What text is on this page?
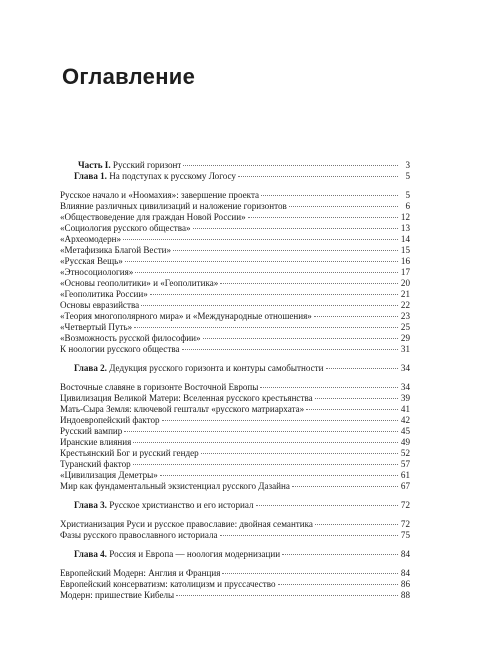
Оглавление
Часть I. Русский горизонт	3
Глава 1. На подступах к русскому Логосу	5
Русское начало и «Ноомахия»: завершение проекта	5
Влияние различных цивилизаций и наложение горизонтов	6
«Обществоведение для граждан Новой России»	12
«Социология русского общества»	13
«Археомодерн»	14
«Метафизика Благой Вести»	15
«Русская Вещь»	16
«Этносоциология»	17
«Основы геополитики» и «Геополитика»	20
«Геополитика России»	21
Основы евразийства	22
«Теория многополярного мира» и «Международные отношения»	23
«Четвертый Путь»	25
«Возможность русской философии»	29
К ноологии русского общества	31
Глава 2. Дедукция русского горизонта и контуры самобытности	34
Восточные славяне в горизонте Восточной Европы	34
Цивилизация Великой Матери: Вселенная русского крестьянства	39
Мать-Сыра Земля: ключевой гештальт «русского матриархата»	41
Индоевропейский фактор	42
Русский вампир	45
Иранские влияния	49
Крестьянский Бог и русский гендер	52
Туранский фактор	57
«Цивилизация Деметры»	61
Мир как фундаментальный экзистенциал русского Дазайна	67
Глава 3. Русское христианство и его историал	72
Христианизация Руси и русское православие: двойная семантика	72
Фазы русского православного историала	75
Глава 4. Россия и Европа — ноология модернизации	84
Европейский Модерн: Англия и Франция	84
Европейский консерватизм: католицизм и пруссачество	86
Модерн: пришествие Кибелы	88
